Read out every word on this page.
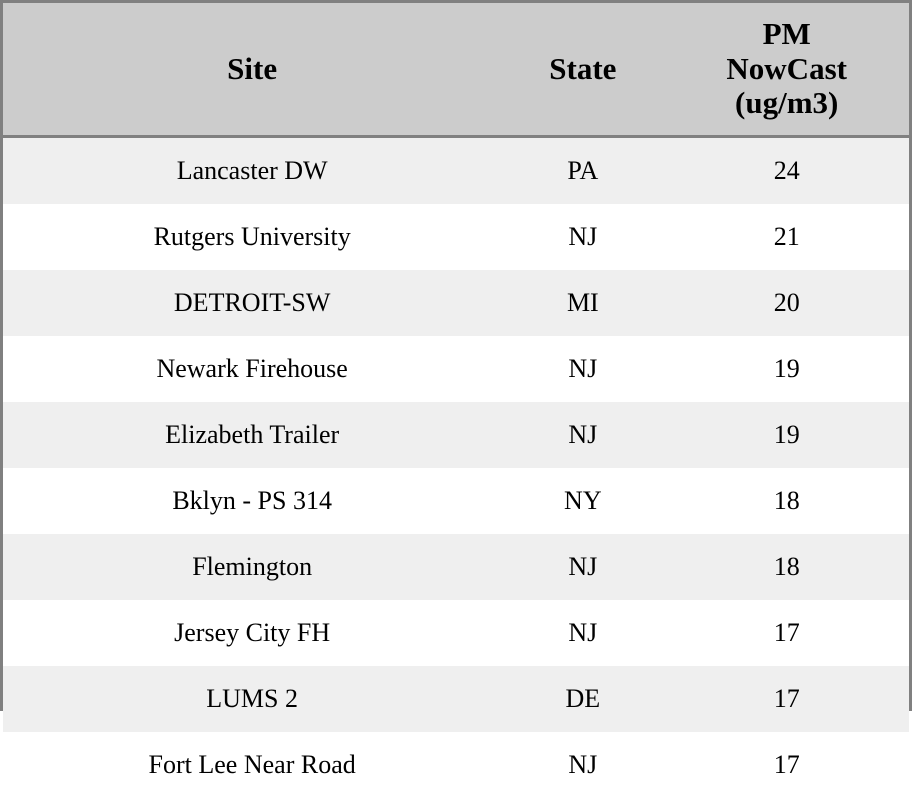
Site	State	PM
NowCast
(ug/m3)

Lancaster DW	PA	24
Rutgers University	NJ	21
DETROIT-SW	MI	20
Newark Firehouse	NJ	19
Elizabeth Trailer	NJ	19
Bklyn - PS 314	NY	18
Flemington	NJ	18
Jersey City FH	NJ	17
LUMS 2	DE	17
Fort Lee Near Road	NJ	17
